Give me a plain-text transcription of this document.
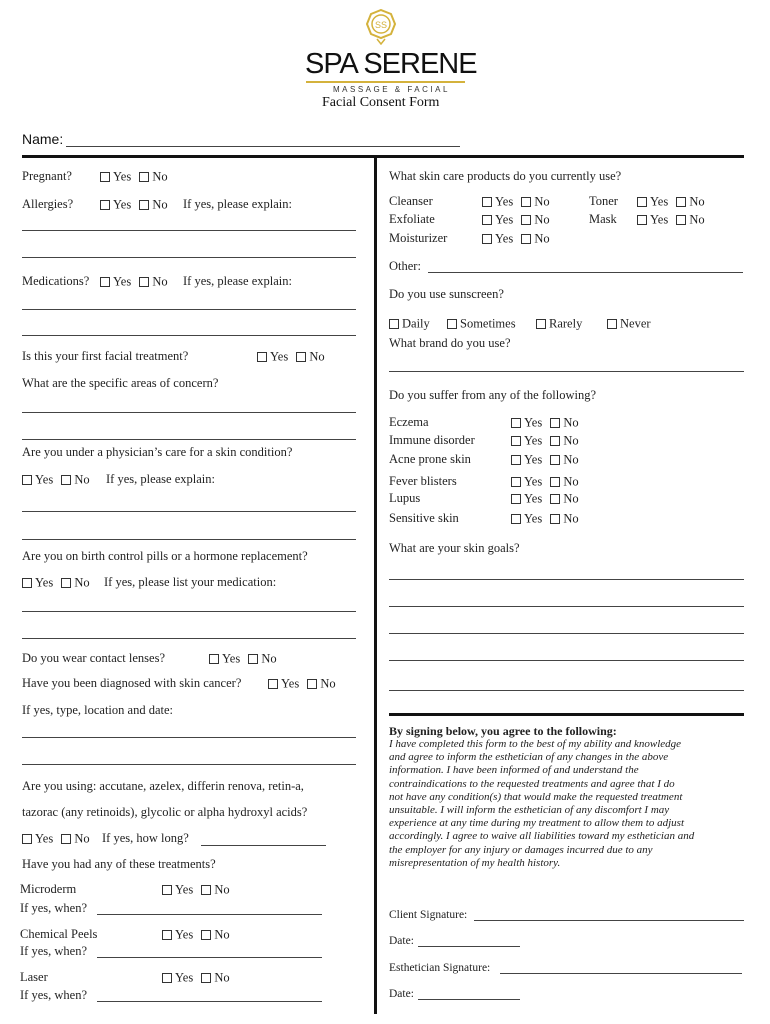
SS
SPA SERENE
MASSAGE & FACIAL
Facial Consent Form
Name:
Pregnant?	Yes No
Allergies?	Yes No If yes, please explain:
Medications?	Yes No If yes, please explain:
Is this your first facial treatment?	Yes No
What are the specific areas of concern?
Are you under a physician’s care for a skin condition?
Yes No If yes, please explain:
Are you on birth control pills or a hormone replacement?
Yes No If yes, please list your medication:
Do you wear contact lenses?	Yes No
Have you been diagnosed with skin cancer?	Yes No
If yes, type, location and date:
Are you using: accutane, azelex, differin renova, retin-a,
tazorac (any retinoids), glycolic or alpha hydroxyl acids?
Yes No If yes, how long?
Have you had any of these treatments?
Microderm	Yes No
If yes, when?
Chemical Peels	Yes No
If yes, when?
Laser	Yes No
If yes, when?
What skin care products do you currently use?
Cleanser	Yes No	Toner	Yes No
Exfoliate	Yes No	Mask	Yes No
Moisturizer	Yes No
Other:
Do you use sunscreen?
Daily	Sometimes	Rarely	Never
What brand do you use?
Do you suffer from any of the following?
Eczema	Yes No
Immune disorder	Yes No
Acne prone skin	Yes No
Fever blisters	Yes No
Lupus	Yes No
Sensitive skin	Yes No
What are your skin goals?
By signing below, you agree to the following:
I have completed this form to the best of my ability and knowledge
and agree to inform the esthetician of any changes in the above
information. I have been informed of and understand the
contraindications to the requested treatments and agree that I do
not have any condition(s) that would make the requested treatment
unsuitable. I will inform the esthetician of any discomfort I may
experience at any time during my treatment to allow them to adjust
accordingly. I agree to waive all liabilities toward my esthetician and
the employer for any injury or damages incurred due to any
misrepresentation of my health history.
Client Signature:
Date:
Esthetician Signature:
Date:
